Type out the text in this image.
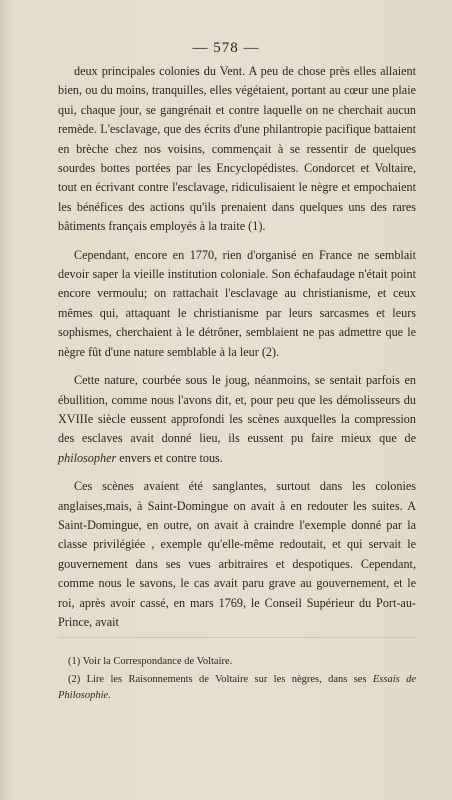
— 578 —

deux principales colonies du Vent. A peu de chose près elles allaient bien, ou du moins, tranquilles, elles végétaient, portant au cœur une plaie qui, chaque jour, se gangrénait et contre laquelle on ne cherchait aucun remède. L'esclavage, que des écrits d'une philantropie pacifique battaient en brèche chez nos voisins, commençait à se ressentir de quelques sourdes bottes portées par les Encyclopédistes. Condorcet et Voltaire, tout en écrivant contre l'esclavage, ridiculisaient le nègre et empochaient les bénéfices des actions qu'ils prenaient dans quelques uns des rares bâtiments français employés à la traite (1).

Cependant, encore en 1770, rien d'organisé en France ne semblait devoir saper la vieille institution coloniale. Son échafaudage n'était point encore vermoulu; on rattachait l'esclavage au christianisme, et ceux mêmes qui, attaquant le christianisme par leurs sarcasmes et leurs sophismes, cherchaient à le détrôner, semblaient ne pas admettre que le nègre fût d'une nature semblable à la leur (2).

Cette nature, courbée sous le joug, néanmoins, se sentait parfois en ébullition, comme nous l'avons dit, et, pour peu que les démolisseurs du XVIIIe siècle eussent approfondi les scènes auxquelles la compression des esclaves avait donné lieu, ils eussent pu faire mieux que de philosopher envers et contre tous.

Ces scènes avaient été sanglantes, surtout dans les colonies anglaises,mais, à Saint-Domingue on avait à en redouter les suites. A Saint-Domingue, en outre, on avait à craindre l'exemple donné par la classe privilégiée , exemple qu'elle-même redoutait, et qui servait le gouvernement dans ses vues arbitraires et despotiques. Cependant, comme nous le savons, le cas avait paru grave au gouvernement, et le roi, après avoir cassé, en mars 1769, le Conseil Supérieur du Port-au-Prince, avait

(1) Voir la Correspondance de Voltaire.

(2) Lire les Raisonnements de Voltaire sur les nègres, dans ses Essais de Philosophie.
